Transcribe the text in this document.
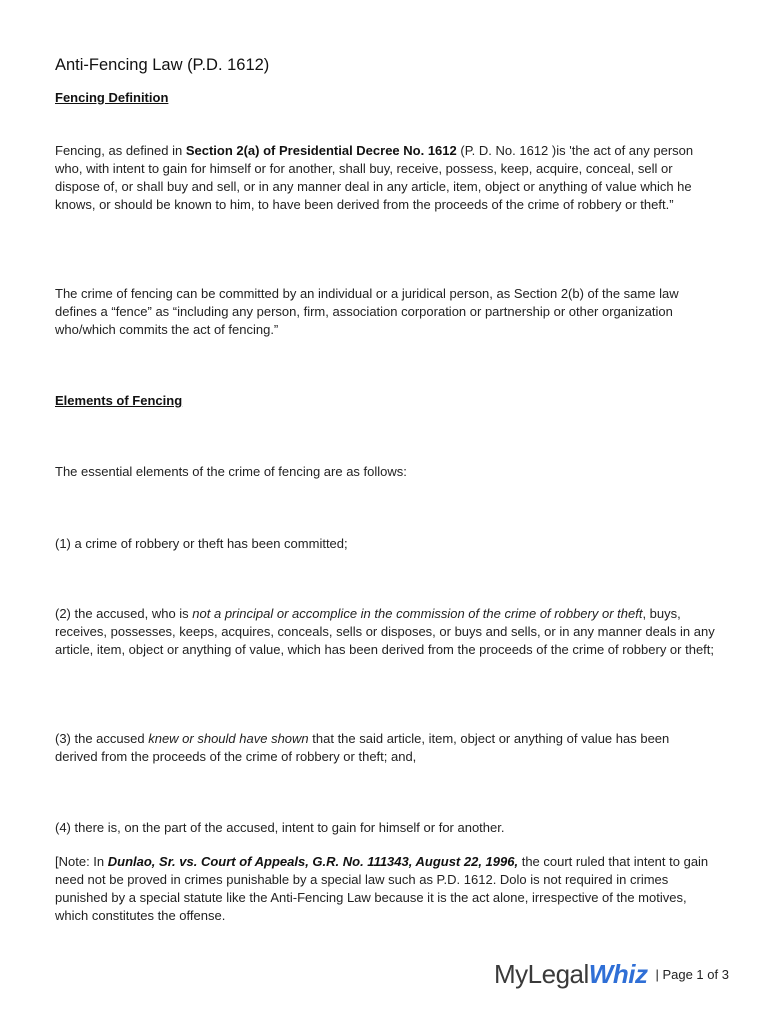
Anti-Fencing Law (P.D. 1612)

Fencing Definition

Fencing, as defined in Section 2(a) of Presidential Decree No. 1612 (P. D. No. 1612 )is 'the act of any person who, with intent to gain for himself or for another, shall buy, receive, possess, keep, acquire, conceal, sell or dispose of, or shall buy and sell, or in any manner deal in any article, item, object or anything of value which he knows, or should be known to him, to have been derived from the proceeds of the crime of robbery or theft.”

The crime of fencing can be committed by an individual or a juridical person, as Section 2(b) of the same law defines a “fence” as “including any person, firm, association corporation or partnership or other organization who/which commits the act of fencing.”

Elements of Fencing

The essential elements of the crime of fencing are as follows:

(1) a crime of robbery or theft has been committed;

(2) the accused, who is not a principal or accomplice in the commission of the crime of robbery or theft, buys, receives, possesses, keeps, acquires, conceals, sells or disposes, or buys and sells, or in any manner deals in any article, item, object or anything of value, which has been derived from the proceeds of the crime of robbery or theft;

(3) the accused knew or should have shown that the said article, item, object or anything of value has been derived from the proceeds of the crime of robbery or theft; and,

(4) there is, on the part of the accused, intent to gain for himself or for another.

[Note: In Dunlao, Sr. vs. Court of Appeals, G.R. No. 111343, August 22, 1996, the court ruled that intent to gain need not be proved in crimes punishable by a special law such as P.D. 1612. Dolo is not required in crimes punished by a special statute like the Anti-Fencing Law because it is the act alone, irrespective of the motives, which constitutes the offense.

My Legal Whiz | Page 1 of 3
